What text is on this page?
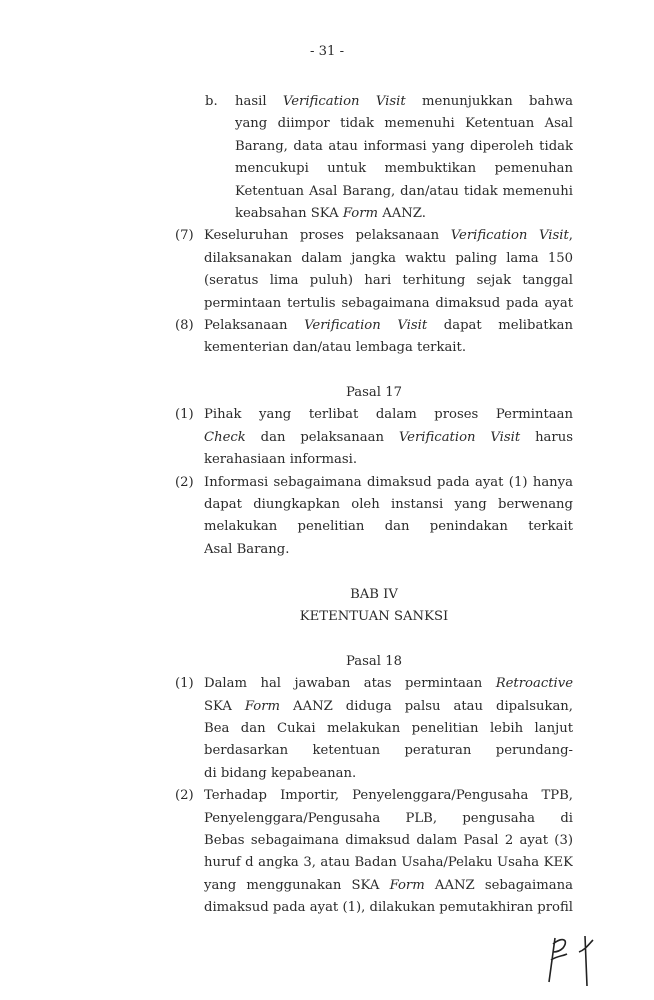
- 31 -
b.	hasil Verification Visit menunjukkan bahwa
yang diimpor tidak memenuhi Ketentuan Asal
Barang, data atau informasi yang diperoleh tidak
mencukupi untuk membuktikan pemenuhan
Ketentuan Asal Barang, dan/atau tidak memenuhi
keabsahan SKA Form AANZ.
(7) Keseluruhan proses pelaksanaan Verification Visit,
dilaksanakan dalam jangka waktu paling lama 150
(seratus lima puluh) hari terhitung sejak tanggal
permintaan tertulis sebagaimana dimaksud pada ayat
(8) Pelaksanaan Verification Visit dapat melibatkan
kementerian dan/atau lembaga terkait.
Pasal 17
(1) Pihak yang terlibat dalam proses Permintaan
Check dan pelaksanaan Verification Visit harus
kerahasiaan informasi.
(2) Informasi sebagaimana dimaksud pada ayat (1) hanya
dapat diungkapkan oleh instansi yang berwenang
melakukan penelitian dan penindakan terkait
Asal Barang.
BAB IV
KETENTUAN SANKSI
Pasal 18
(1) Dalam hal jawaban atas permintaan Retroactive
SKA Form AANZ diduga palsu atau dipalsukan,
Bea dan Cukai melakukan penelitian lebih lanjut
berdasarkan ketentuan peraturan perundang-
di bidang kepabeanan.
(2) Terhadap Importir, Penyelenggara/Pengusaha TPB,
Penyelenggara/Pengusaha PLB, pengusaha di
Bebas sebagaimana dimaksud dalam Pasal 2 ayat (3)
huruf d angka 3, atau Badan Usaha/Pelaku Usaha KEK
yang menggunakan SKA Form AANZ sebagaimana
dimaksud pada ayat (1), dilakukan pemutakhiran profil
